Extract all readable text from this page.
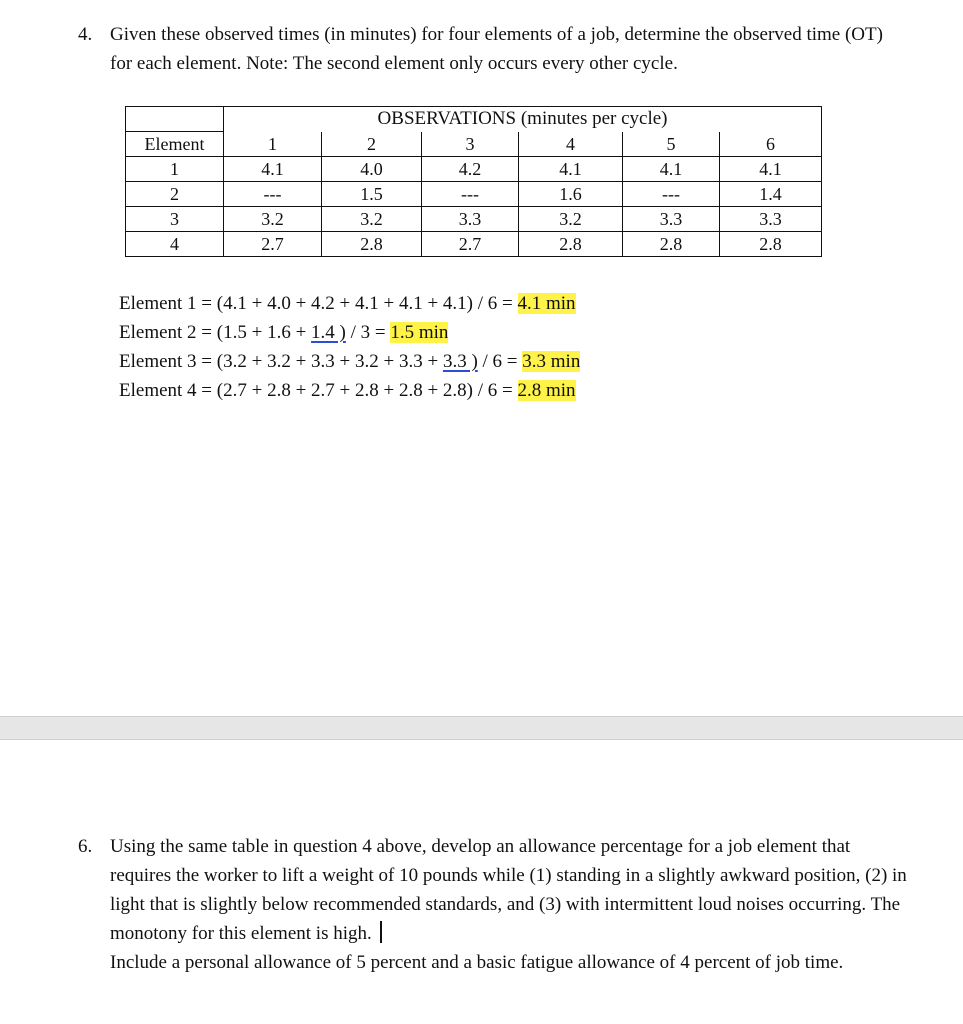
4. Given these observed times (in minutes) for four elements of a job, determine the observed time (OT) for each element. Note: The second element only occurs every other cycle.
	OBSERVATIONS (minutes per cycle)					
Element	1	2	3	4	5	6
1	4.1	4.0	4.2	4.1	4.1	4.1
2	---	1.5	---	1.6	---	1.4
3	3.2	3.2	3.3	3.2	3.3	3.3
4	2.7	2.8	2.7	2.8	2.8	2.8
Element 1 = (4.1 + 4.0 + 4.2 + 4.1 + 4.1 + 4.1) / 6 = 4.1 min
Element 2 = (1.5 + 1.6 + 1.4 ) / 3 = 1.5 min
Element 3 = (3.2 + 3.2 + 3.3 + 3.2 + 3.3 + 3.3 ) / 6 = 3.3 min
Element 4 = (2.7 + 2.8 + 2.7 + 2.8 + 2.8 + 2.8) / 6 = 2.8 min
6. Using the same table in question 4 above, develop an allowance percentage for a job element that requires the worker to lift a weight of 10 pounds while (1) standing in a slightly awkward position, (2) in light that is slightly below recommended standards, and (3) with intermittent loud noises occurring. The monotony for this element is high.
Include a personal allowance of 5 percent and a basic fatigue allowance of 4 percent of job time.
